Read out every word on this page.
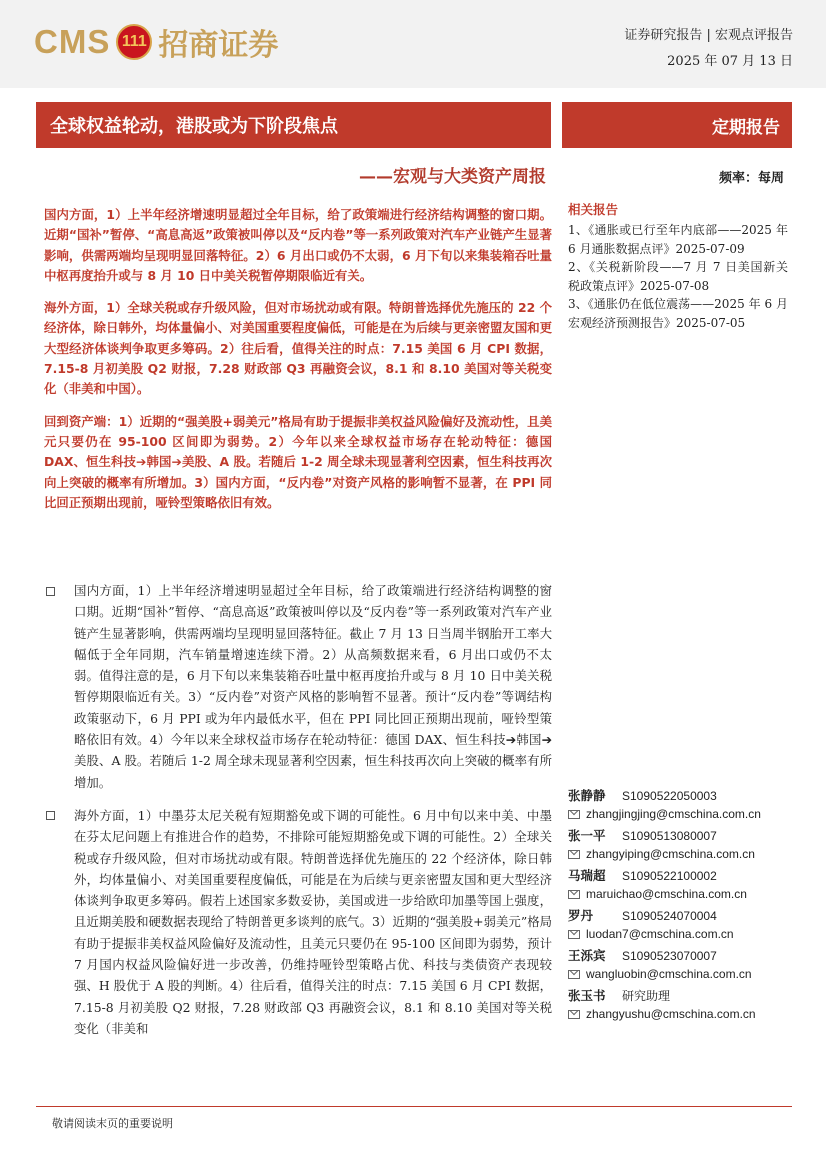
CMS 111 招商证券	证券研究报告 | 宏观点评报告
2025 年 07 月 13 日
全球权益轮动，港股或为下阶段焦点	定期报告
——宏观与大类资产周报	频率：每周

国内方面，1）上半年经济增速明显超过全年目标，给了政策端进行经济结构调整的窗口期。近期“国补”暂停、“高息高返”政策被叫停以及“反内卷”等一系列政策对汽车产业链产生显著影响，供需两端均呈现明显回落特征。2）6 月出口或仍不太弱，6 月下旬以来集装箱吞吐量中枢再度抬升或与 8 月 10 日中美关税暂停期限临近有关。

海外方面，1）全球关税或存升级风险，但对市场扰动或有限。特朗普选择优先施压的 22 个经济体，除日韩外，均体量偏小、对美国重要程度偏低，可能是在为后续与更亲密盟友国和更大型经济体谈判争取更多筹码。2）往后看，值得关注的时点：7.15 美国 6 月 CPI 数据，7.15-8 月初美股 Q2 财报，7.28 财政部 Q3 再融资会议，8.1 和 8.10 美国对等关税变化（非美和中国）。

回到资产端：1）近期的“强美股+弱美元”格局有助于提振非美权益风险偏好及流动性，且美元只要仍在 95-100 区间即为弱势。2）今年以来全球权益市场存在轮动特征：德国 DAX、恒生科技➔韩国➔美股、A 股。若随后 1-2 周全球未现显著利空因素，恒生科技再次向上突破的概率有所增加。3）国内方面，“反内卷”对资产风格的影响暂不显著，在 PPI 同比回正预期出现前，哑铃型策略依旧有效。

相关报告
1、《通胀或已行至年内底部——2025 年 6 月通胀数据点评》2025-07-09
2、《关税新阶段——7 月 7 日美国新关税政策点评》2025-07-08
3、《通胀仍在低位震荡——2025 年 6 月宏观经济预测报告》2025-07-05
国内方面，1）上半年经济增速明显超过全年目标，给了政策端进行经济结构调整的窗口期。近期“国补”暂停、“高息高返”政策被叫停以及“反内卷”等一系列政策对汽车产业链产生显著影响，供需两端均呈现明显回落特征。截止 7 月 13 日当周半钢胎开工率大幅低于全年同期，汽车销量增速连续下滑。2）从高频数据来看，6 月出口或仍不太弱。值得注意的是，6 月下旬以来集装箱吞吐量中枢再度抬升或与 8 月 10 日中美关税暂停期限临近有关。3）“反内卷”对资产风格的影响暂不显著。预计“反内卷”等调结构政策驱动下，6 月 PPI 或为年内最低水平，但在 PPI 同比回正预期出现前，哑铃型策略依旧有效。4）今年以来全球权益市场存在轮动特征：德国 DAX、恒生科技➔韩国➔美股、A 股。若随后 1-2 周全球未现显著利空因素，恒生科技再次向上突破的概率有所增加。
海外方面，1）中墨芬太尼关税有短期豁免或下调的可能性。6 月中旬以来中美、中墨在芬太尼问题上有推进合作的趋势，不排除可能短期豁免或下调的可能性。2）全球关税或存升级风险，但对市场扰动或有限。特朗普选择优先施压的 22 个经济体，除日韩外，均体量偏小、对美国重要程度偏低，可能是在为后续与更亲密盟友国和更大型经济体谈判争取更多筹码。假若上述国家多数妥协，美国或进一步给欧印加墨等国上强度，且近期美股和硬数据表现给了特朗普更多谈判的底气。3）近期的“强美股+弱美元”格局有助于提振非美权益风险偏好及流动性，且美元只要仍在 95-100 区间即为弱势，预计 7 月国内权益风险偏好进一步改善，仍维持哑铃型策略占优、科技与类债资产表现较强、H 股优于 A 股的判断。4）往后看，值得关注的时点：7.15 美国 6 月 CPI 数据，7.15-8 月初美股 Q2 财报，7.28 财政部 Q3 再融资会议，8.1 和 8.10 美国对等关税变化（非美和
张静静	S1090522050003
zhangjingjing@cmschina.com.cn
张一平	S1090513080007
zhangyiping@cmschina.com.cn
马瑞超	S1090522100002
maruichao@cmschina.com.cn
罗丹	S1090524070004
luodan7@cmschina.com.cn
王泺宾	S1090523070007
wangluobin@cmschina.com.cn
张玉书	研究助理
zhangyushu@cmschina.com.cn
敬请阅读末页的重要说明
